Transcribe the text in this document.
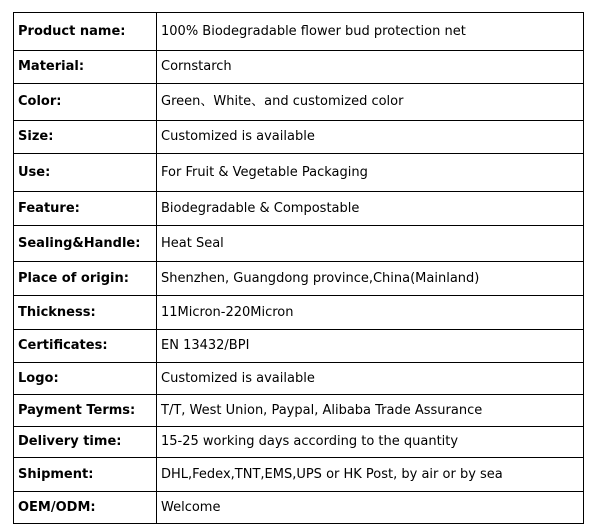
Product name:	100% Biodegradable flower bud protection net
Material:	Cornstarch
Color:	Green、White、and customized color
Size:	Customized is available
Use:	For Fruit & Vegetable Packaging
Feature:	Biodegradable & Compostable
Sealing&Handle:	Heat Seal
Place of origin:	Shenzhen, Guangdong province,China(Mainland)
Thickness:	11Micron-220Micron
Certificates:	EN 13432/BPI
Logo:	Customized is available
Payment Terms:	T/T, West Union, Paypal, Alibaba Trade Assurance
Delivery time:	15-25 working days according to the quantity
Shipment:	DHL,Fedex,TNT,EMS,UPS or HK Post, by air or by sea
OEM/ODM:	Welcome
